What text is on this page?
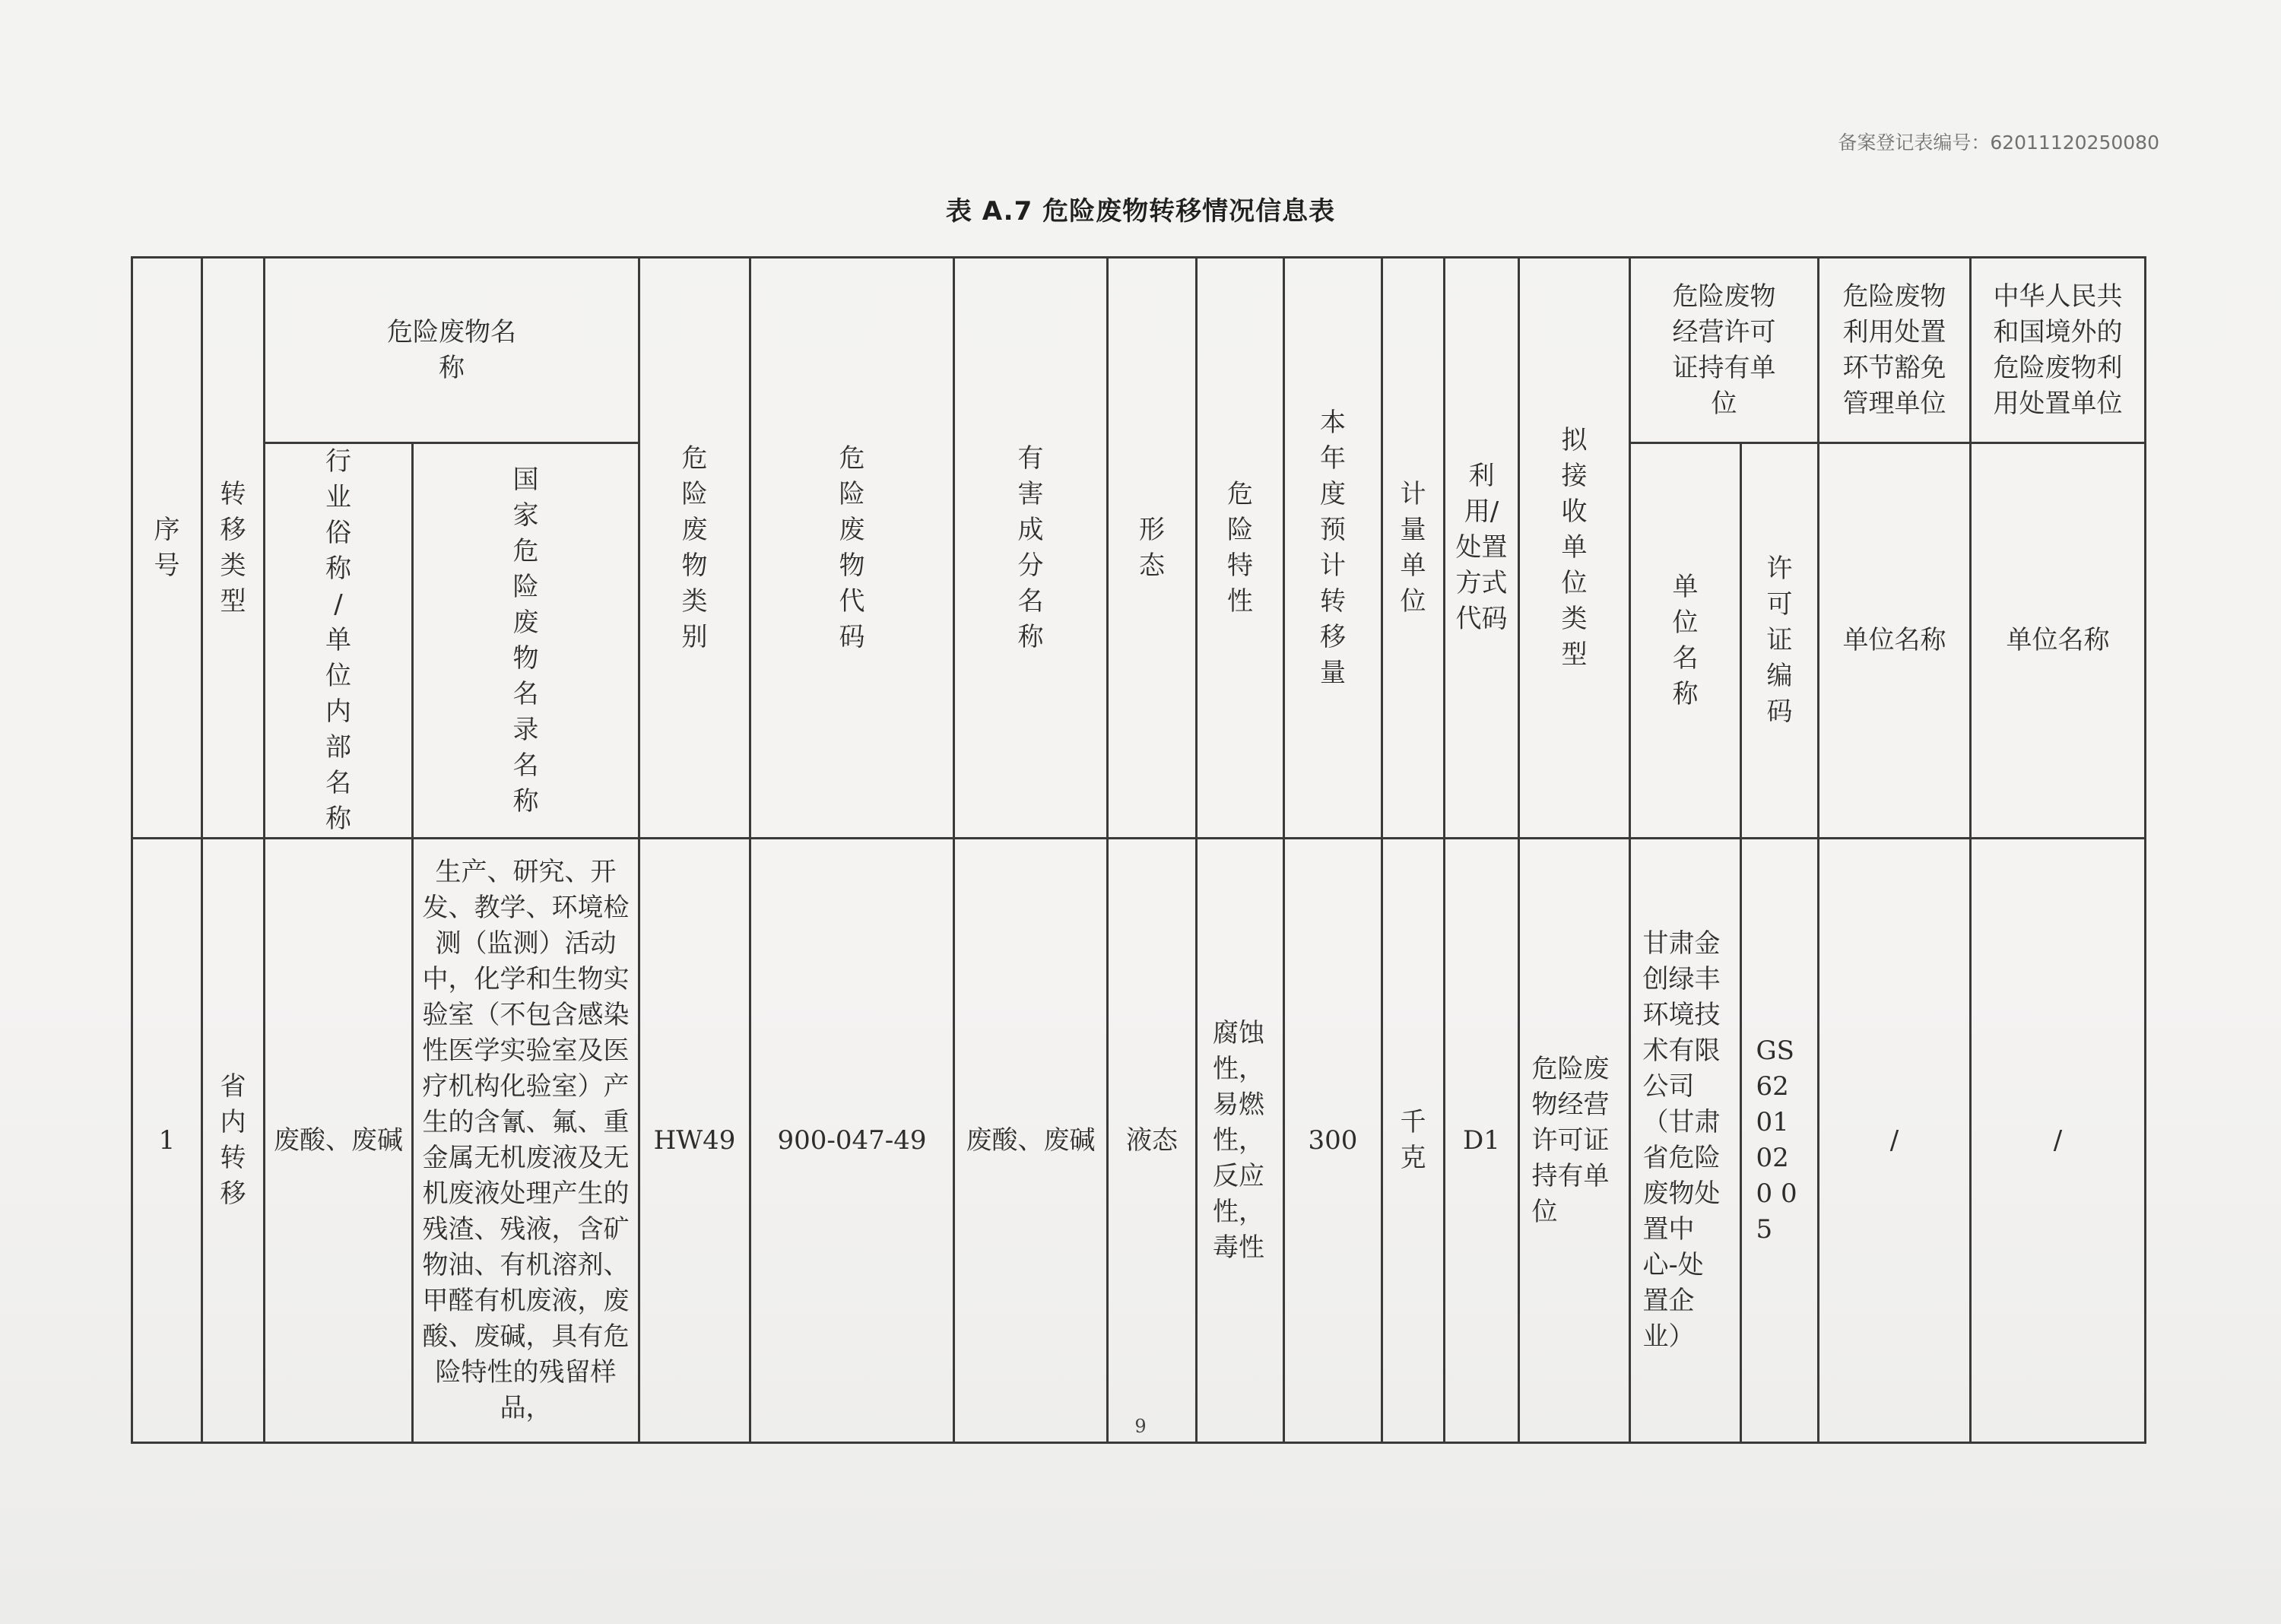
备案登记表编号：62011120250080
表 A.7 危险废物转移情况信息表
序号	转移类型	危险废物名称		危险废物类别	危险废物代码	有害成分名称	形态	危险特性	本年度预计转移量	计量单位	利用/处置方式代码	拟接收单位类型	危险废物经营许可证持有单位		危险废物利用处置环节豁免管理单位	中华人民共和国境外的危险废物利用处置单位
		行业俗称/单位内部名称	国家危险废物名录名称										单位名称	许可证编码	单位名称	单位名称
1	省内转移	废酸、废碱	生产、研究、开发、教学、环境检测（监测）活动中，化学和生物实验室（不包含感染性医学实验室及医疗机构化验室）产生的含氰、氟、重金属无机废液及无机废液处理产生的残渣、残液，含矿物油、有机溶剂、甲醛有机废液，废酸、废碱，具有危险特性的残留样品，	HW49	900-047-49	废酸、废碱	液态	腐蚀性，易燃性，反应性，毒性	300	千克	D1	危险废物经营许可证持有单位	甘肃金创绿丰环境技术有限公司（甘肃省危险废物处置中心-处置企业）	GS6201020 05	/	/
9
